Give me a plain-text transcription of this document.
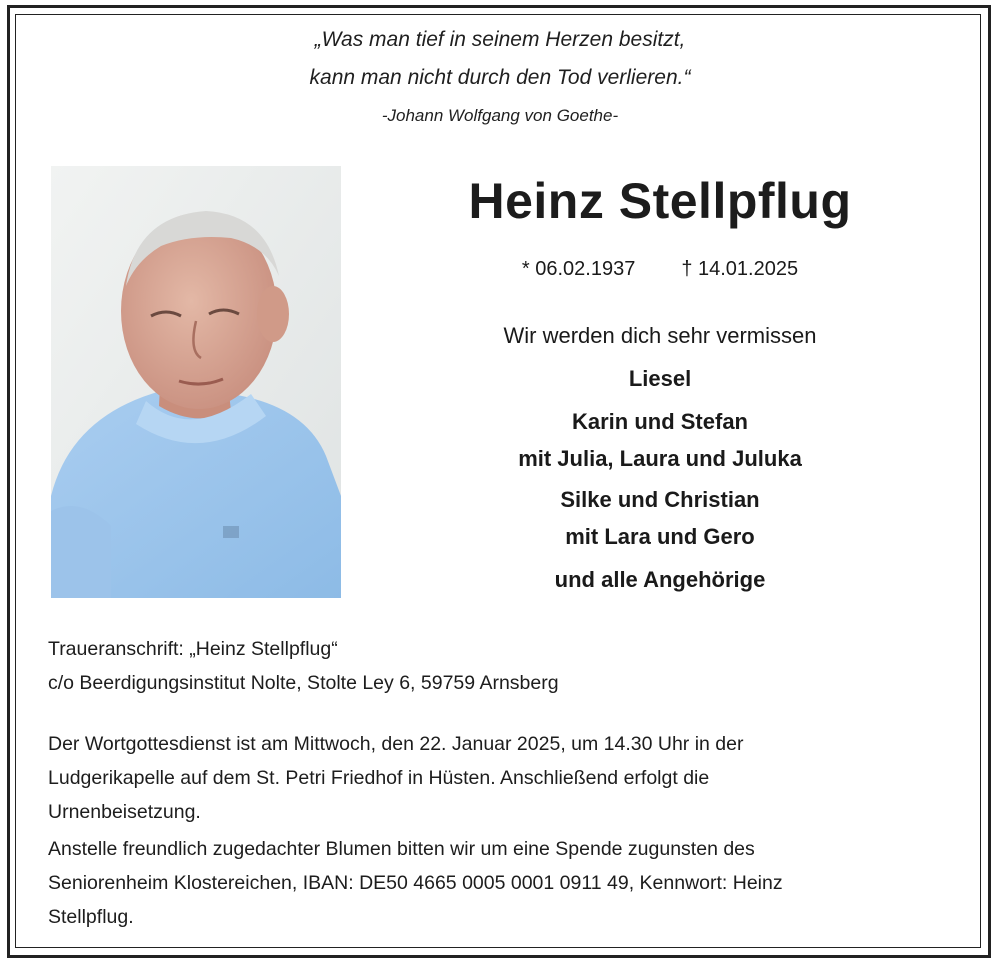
„Was man tief in seinem Herzen besitzt,
kann man nicht durch den Tod verlieren.“
-Johann Wolfgang von Goethe-
Heinz Stellpflug
* 06.02.1937 † 14.01.2025
Wir werden dich sehr vermissen
Liesel
Karin und Stefan
mit Julia, Laura und Juluka
Silke und Christian
mit Lara und Gero
und alle Angehörige
Traueranschrift: „Heinz Stellpflug“
c/o Beerdigungsinstitut Nolte, Stolte Ley 6, 59759 Arnsberg
Der Wortgottesdienst ist am Mittwoch, den 22. Januar 2025, um 14.30 Uhr in der
Ludgerikapelle auf dem St. Petri Friedhof in Hüsten. Anschließend erfolgt die
Urnenbeisetzung.
Anstelle freundlich zugedachter Blumen bitten wir um eine Spende zugunsten des
Seniorenheim Klostereichen, IBAN: DE50 4665 0005 0001 0911 49, Kennwort: Heinz
Stellpflug.
